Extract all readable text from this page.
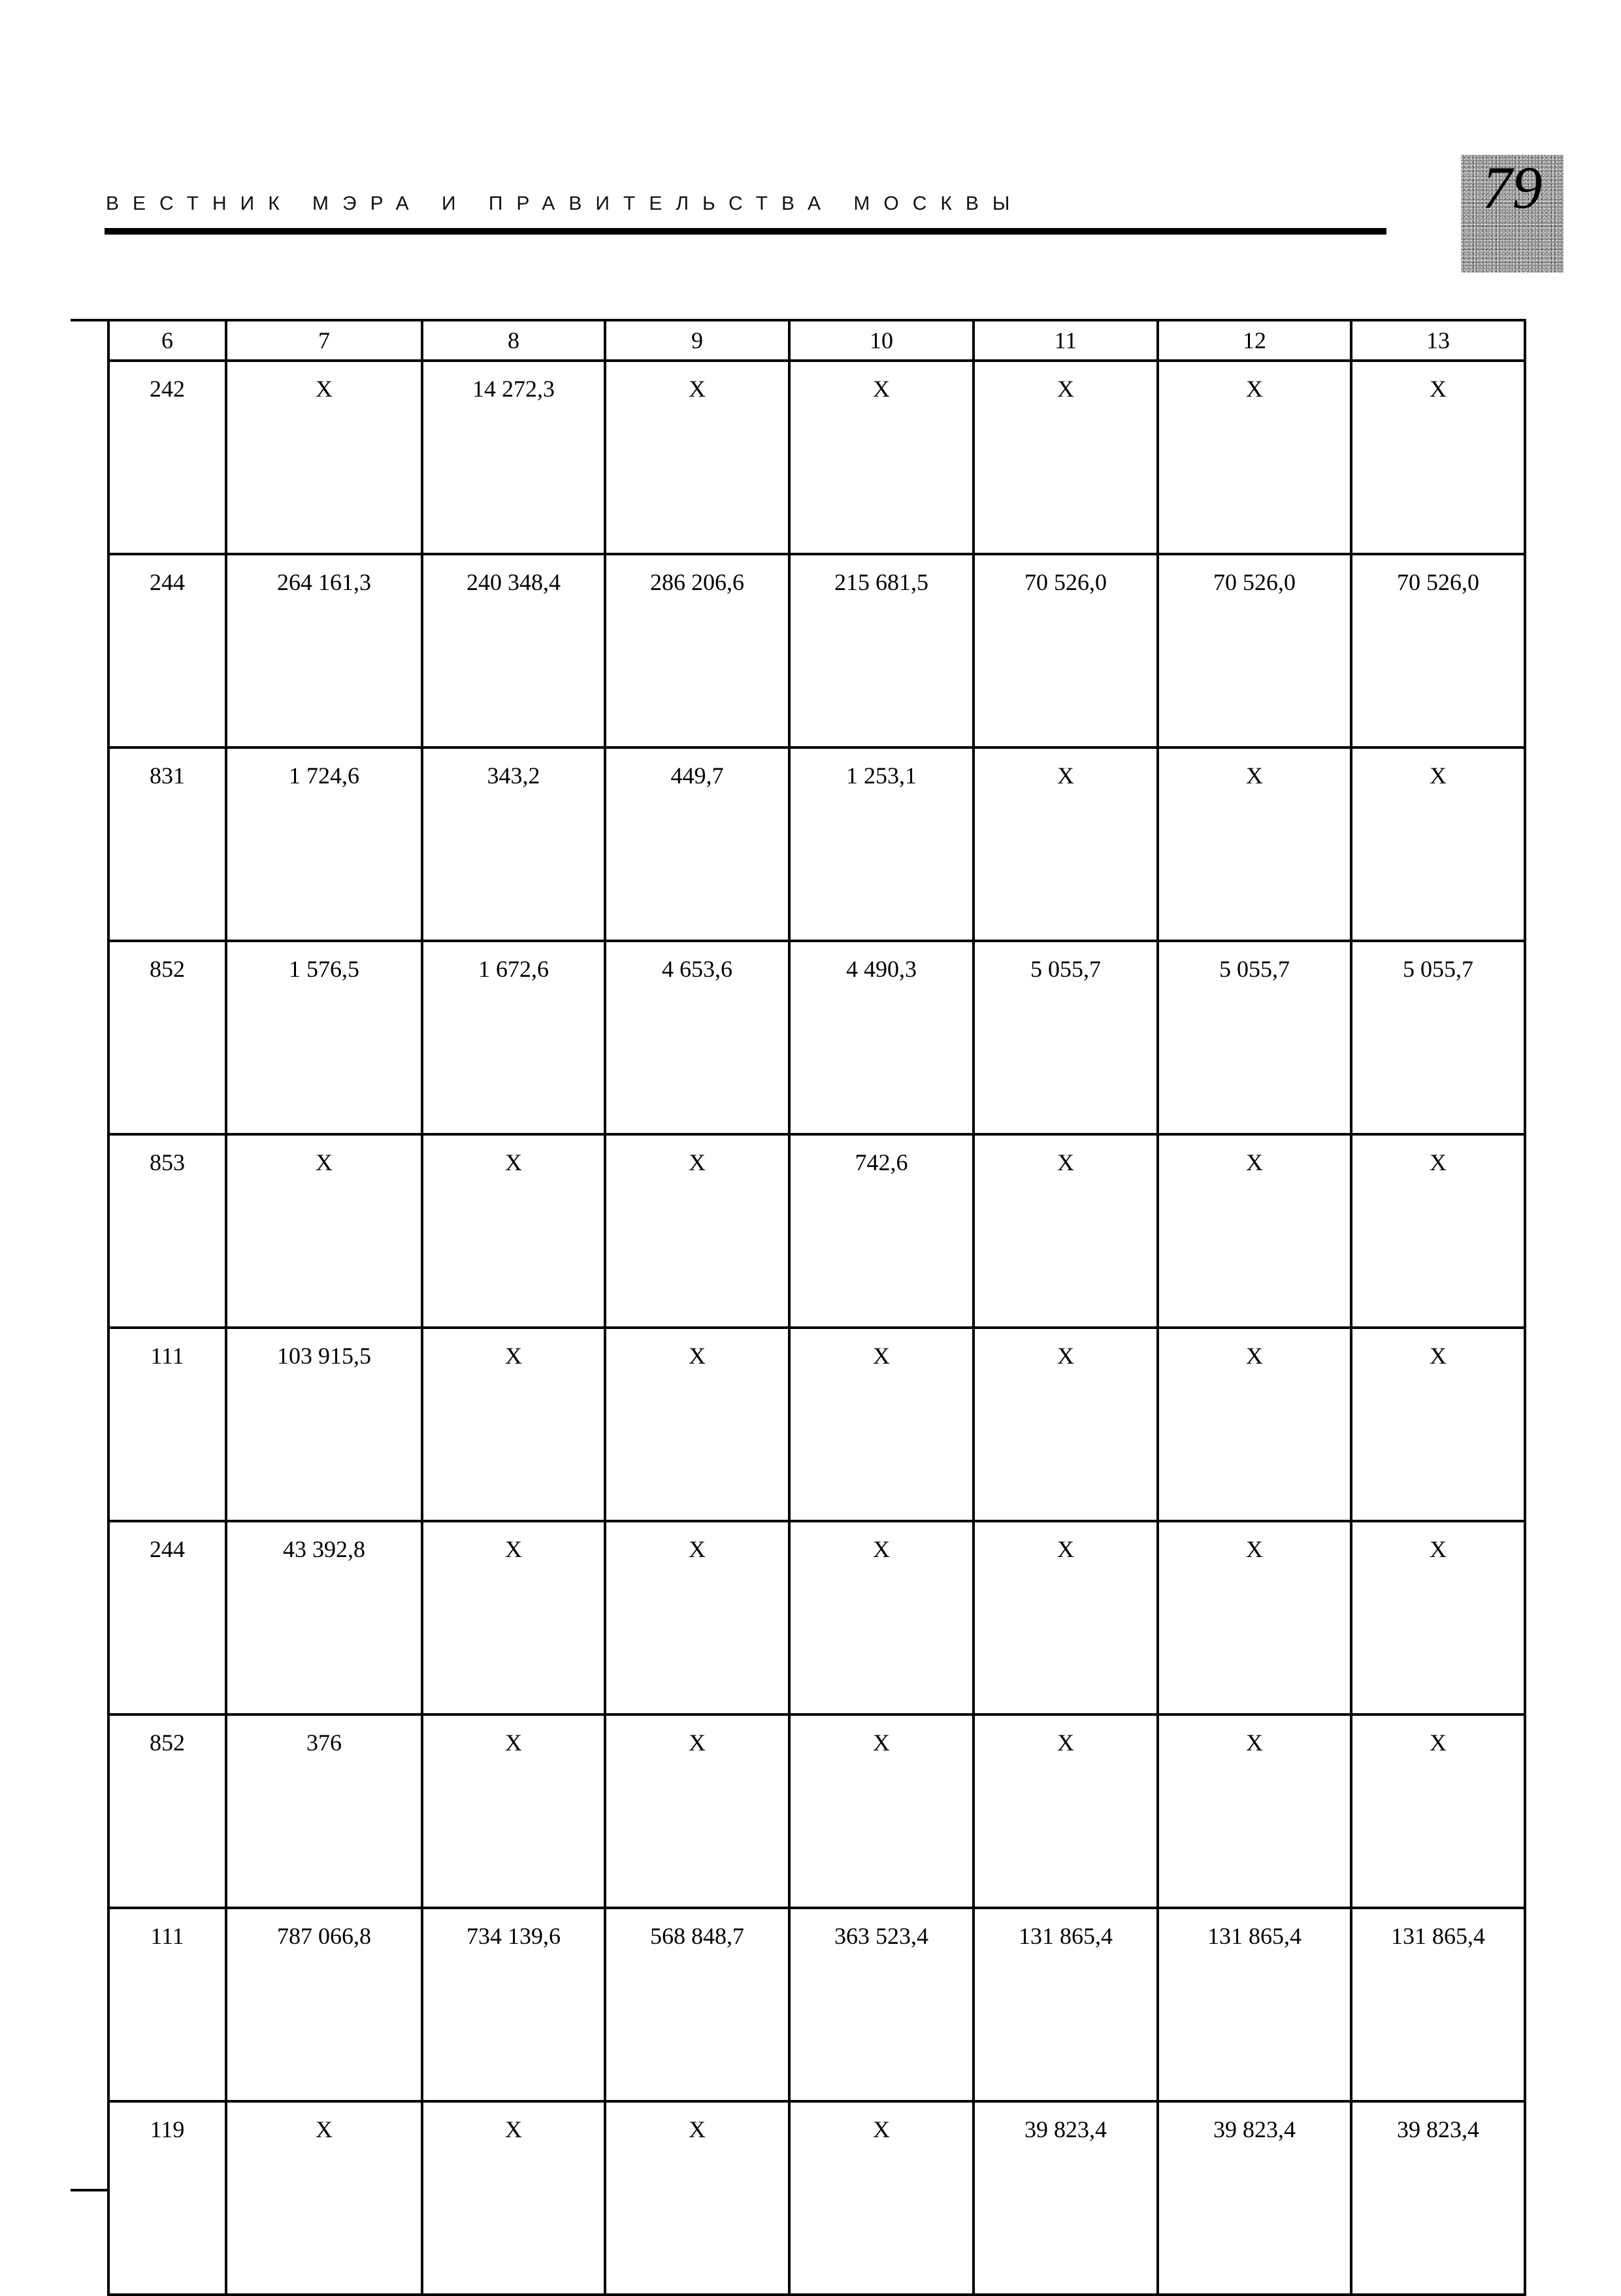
ВЕСТНИК МЭРА И ПРАВИТЕЛЬСТВА МОСКВЫ	79
6	7	8	9	10	11	12	13
242	X	14 272,3	X	X	X	X	X
244	264 161,3	240 348,4	286 206,6	215 681,5	70 526,0	70 526,0	70 526,0
831	1 724,6	343,2	449,7	1 253,1	X	X	X
852	1 576,5	1 672,6	4 653,6	4 490,3	5 055,7	5 055,7	5 055,7
853	X	X	X	742,6	X	X	X
111	103 915,5	X	X	X	X	X	X
244	43 392,8	X	X	X	X	X	X
852	376	X	X	X	X	X	X
111	787 066,8	734 139,6	568 848,7	363 523,4	131 865,4	131 865,4	131 865,4
119	X	X	X	X	39 823,4	39 823,4	39 823,4
